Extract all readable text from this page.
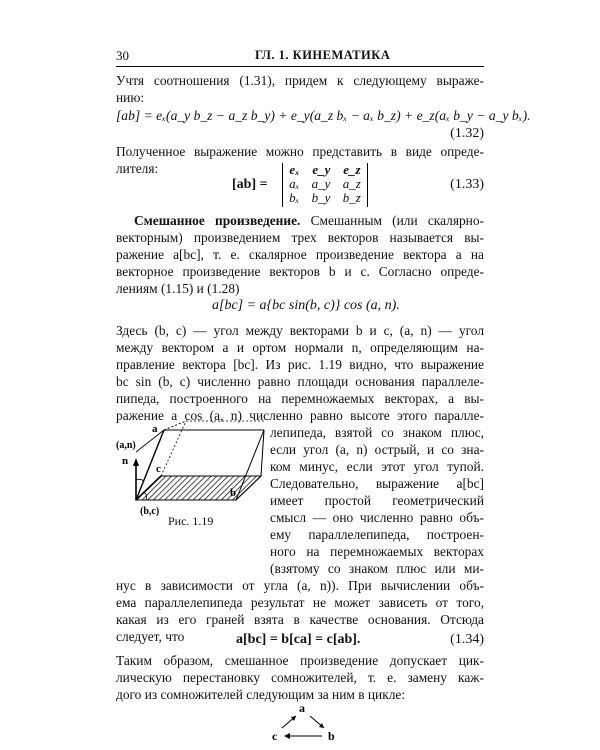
30	ГЛ. 1. КИНЕМАТИКА
Учтя соотношения (1.31), придем к следующему выраже-
нию:
[ab] = eₓ(a_y b_z − a_z b_y) + e_y(a_z bₓ − aₓ b_z) + e_z(aₓ b_y − a_y bₓ).
(1.32)
Полученное выражение можно представить в виде опреде-
лителя:
[ab] =
eₓ e_y e_z
aₓ a_y a_z
bₓ b_y b_z
(1.33)
Смешанное произведение. Смешанным (или скалярно-
векторным) произведением трех векторов называется вы-
ражение a[bc], т. е. скалярное произведение вектора a на
векторное произведение векторов b и c. Согласно опреде-
лениям (1.15) и (1.28)
a[bc] = a{bc sin(b, c)} cos (a, n).
Здесь (b, c) — угол между векторами b и c, (a, n) — угол
между вектором a и ортом нормали n, определяющим на-
правление вектора [bc]. Из рис. 1.19 видно, что выражение
bc sin (b, c) численно равно площади основания параллеле-
пипеда, построенного на перемножаемых векторах, а вы-
ражение a cos (a, n) численно равно высоте этого паралле-
лепипеда, взятой со знаком плюс,
если угол (a, n) острый, и со зна-
ком минус, если этот угол тупой.
Следовательно, выражение a[bc]
имеет простой геометрический
смысл — оно численно равно объ-
ему параллелепипеда, построен-
ного на перемножаемых векторах
(взятому со знаком плюс или ми-
a
(a,n)
n
c
b
(b,c)
Рис. 1.19
нус в зависимости от угла (a, n)). При вычислении объ-
ема параллелепипеда результат не может зависеть от того,
какая из его граней взята в качестве основания. Отсюда
следует, что	a[bc] = b[ca] = c[ab].	(1.34)
Таким образом, смешанное произведение допускает цик-
лическую перестановку сомножителей, т. е. замену каж-
дого из сомножителей следующим за ним в цикле:
a
c	b
